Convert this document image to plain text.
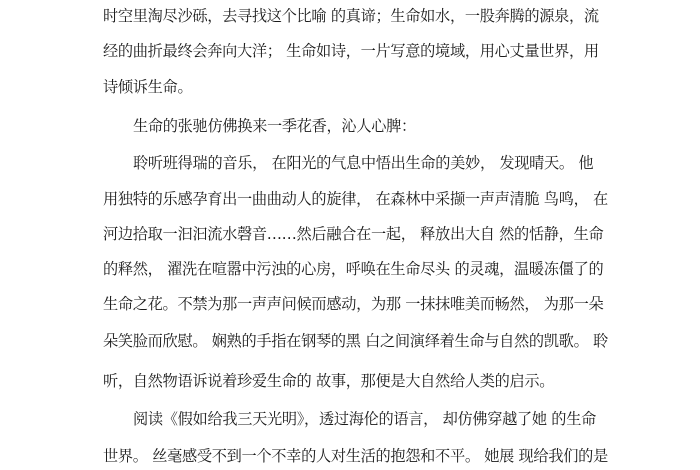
时空里淘尽沙砾，去寻找这个比喻 的真谛；生命如水，一股奔腾的源泉，流
经的曲折最终会奔向大洋； 生命如诗，一片写意的境域，用心丈量世界，用
诗倾诉生命。
生命的张驰仿佛换来一季花香，沁人心脾：
聆听班得瑞的音乐， 在阳光的气息中悟出生命的美妙， 发现晴天。 他
用独特的乐感孕育出一曲曲动人的旋律， 在森林中采撷一声声清脆 鸟鸣， 在
河边拾取一汩汩流水磬音……然后融合在一起， 释放出大自 然的恬静，生命
的释然， 濯洗在喧嚣中污浊的心房，呼唤在生命尽头 的灵魂，温暖冻僵了的
生命之花。不禁为那一声声问候而感动，为那 一抹抹唯美而畅然， 为那一朵
朵笑脸而欣慰。 娴熟的手指在钢琴的黑 白之间演绎着生命与自然的凯歌。 聆
听，自然物语诉说着珍爱生命的 故事，那便是大自然给人类的启示。
阅读《假如给我三天光明》，透过海伦的语言， 却仿佛穿越了她 的生命
世界。 丝毫感受不到一个不幸的人对生活的抱怨和不平。 她展 现给我们的是
